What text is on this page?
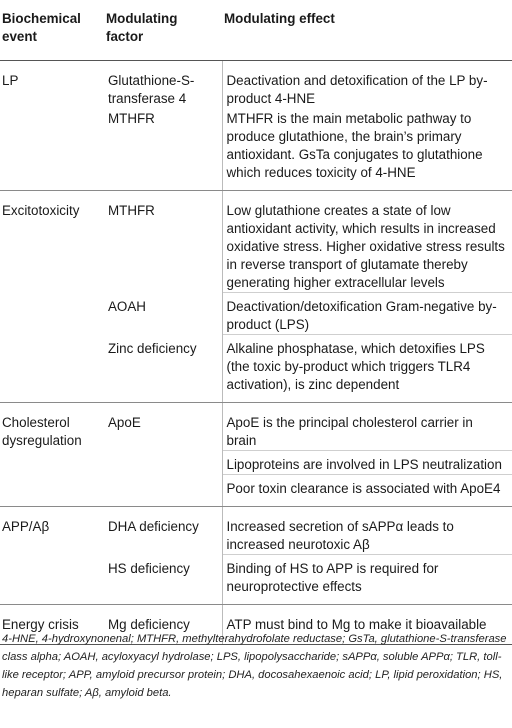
Biochemical event	Modulating factor	Modulating effect
LP	Glutathione-S-transferase 4	Deactivation and detoxification of the LP by-product 4-HNE
	MTHFR	MTHFR is the main metabolic pathway to produce glutathione, the brain’s primary antioxidant. GsTa conjugates to glutathione which reduces toxicity of 4-HNE
Excitotoxicity	MTHFR	Low glutathione creates a state of low antioxidant activity, which results in increased oxidative stress. Higher oxidative stress results in reverse transport of glutamate thereby generating higher extracellular levels
	AOAH	Deactivation/detoxification Gram-negative by-product (LPS)
	Zinc deficiency	Alkaline phosphatase, which detoxifies LPS (the toxic by-product which triggers TLR4 activation), is zinc dependent
Cholesterol dysregulation	ApoE	ApoE is the principal cholesterol carrier in brain
		Lipoproteins are involved in LPS neutralization
		Poor toxin clearance is associated with ApoE4
APP/Aβ	DHA deficiency	Increased secretion of sAPPα leads to increased neurotoxic Aβ
	HS deficiency	Binding of HS to APP is required for neuroprotective effects
Energy crisis	Mg deficiency	ATP must bind to Mg to make it bioavailable
4-HNE, 4-hydroxynonenal; MTHFR, methylterahydrofolate reductase; GsTa, glutathione-S-transferase class alpha; AOAH, acyloxyacyl hydrolase; LPS, lipopolysaccharide; sAPPα, soluble APPα; TLR, toll-like receptor; APP, amyloid precursor protein; DHA, docosahexaenoic acid; LP, lipid peroxidation; HS, heparan sulfate; Aβ, amyloid beta.
